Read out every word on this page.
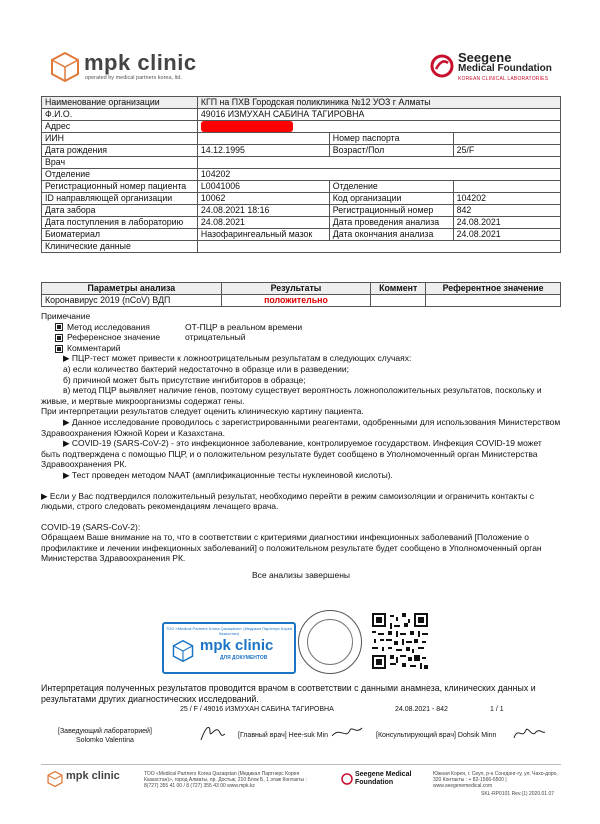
mpk clinic
operated by medical partners korea, ltd.
Seegene
Medical Foundation
KOREAN CLINICAL LABORATORIES
Наименование организации	КГП на ПХВ Городская поликлиника №12 УОЗ г Алматы		
Ф.И.О.	49016 ИЗМУХАН САБИНА ТАГИРОВНА		
Адрес			
ИИН		Номер паспорта	
Дата рождения	14.12.1995	Возраст/Пол	25/F
Врач			
Отделение	104202		
Регистрационный номер пациента	L0041006	Отделение	
ID направляющей организации	10062	Код организации	104202
Дата забора	24.08.2021 18:16	Регистрационный номер	842
Дата поступления в лабораторию	24.08.2021	Дата проведения анализа	24.08.2021
Биоматериал	Назофарингеальный мазок	Дата окончания анализа	24.08.2021
Клинические данные			
Параметры анализа	Результаты	Коммент	Референтное значение
Коронавирус 2019 (nCoV) ВДП	положительно		

Примечание

Метод исследования	ОТ-ПЦР в реальном времени

Референсное значение	отрицательный

Комментарий

▶ ПЦР-тест может привести к ложноотрицательным результатам в следующих случаях:

а) если количество бактерий недостаточно в образце или в разведении;

б) причиной может быть присутствие ингибиторов в образце;

в) метод ПЦР выявляет наличие генов, поэтому существует вероятность ложноположительных результатов, поскольку и живые, и мертвые микроорганизмы содержат гены.

При интерпретации результатов следует оценить клиническую картину пациента.

▶ Данное исследование проводилось с зарегистрированными реагентами, одобренными для использования Министерством Здравоохранения Южной Кореи и Казахстана.

▶ COVID-19 (SARS-CoV-2) - это инфекционное заболевание, контролируемое государством. Инфекция COVID-19 может быть подтверждена с помощью ПЦР, и о положительном результате будет сообщено в Уполномоченный орган Министерства Здравоохранения РК.

▶ Тест проведен методом NAAT (амплификационные тесты нуклеиновой кислоты).

▶ Если у Вас подтвердился положительный результат, необходимо перейти в режим самоизоляции и ограничить контакты с людьми, строго следовать рекомендациям лечащего врача.

COVID-19 (SARS-CoV-2):

Обращаем Ваше внимание на то, что в соответствии с критериями диагностики инфекционных заболеваний [Положение о профилактике и лечении инфекционных заболеваний] о положительном результате будет сообщено в Уполномоченный орган Министерства Здравоохранения РК.

Все анализы завершены

ТОО «Medical Partners Korea Qazaqstan» (Медикал Партнерс Корея Казахстан)
mpk clinic
ДЛЯ ДОКУМЕНТОВ
Интерпретация полученных результатов проводится врачом в соответствии с данными анамнеза, клинических данных и результатами других диагностических исследований.
25 / F / 49016 ИЗМУХАН САБИНА ТАГИРОВНА	24.08.2021 - 842	1 / 1
[Заведующий лабораторией]
Solomko Valentina
[Главный врач] Hee-suk Min	[Консультирующий врач] Dohsik Minn
mpk clinic	ТОО «Medical Partners Korea Qazaqstan (Медикал Партнерс Корея Казахстан)», город Алматы, пр. Достык, 210 Блок Б, 1 этаж Контакты : 8(727) 355 41 00 / 8 (727) 355 43 00 www.mpk.kz
Seegene Medical Foundation
Южная Корея, г. Сеул, р-н Сонгдонг-гу, ул. Чахо-доро, 320 Контакты : + 82-1566-6500 | www.seegenemedical.com
SKL-RP0101 Rev.(1) 2020.01.07
